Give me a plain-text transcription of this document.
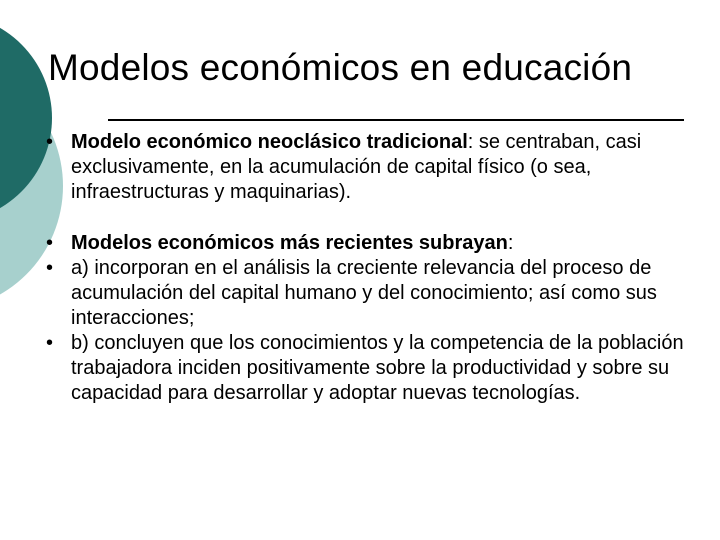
Modelos económicos en educación
• Modelo económico neoclásico tradicional: se centraban, casi exclusivamente, en la acumulación de capital físico (o sea, infraestructuras y maquinarias).
• Modelos económicos más recientes subrayan:
• a) incorporan en el análisis la creciente relevancia del proceso de acumulación del capital humano y del conocimiento; así como sus interacciones;
• b) concluyen que los conocimientos y la competencia de la población trabajadora inciden positivamente sobre la productividad y sobre su capacidad para desarrollar y adoptar nuevas tecnologías.
